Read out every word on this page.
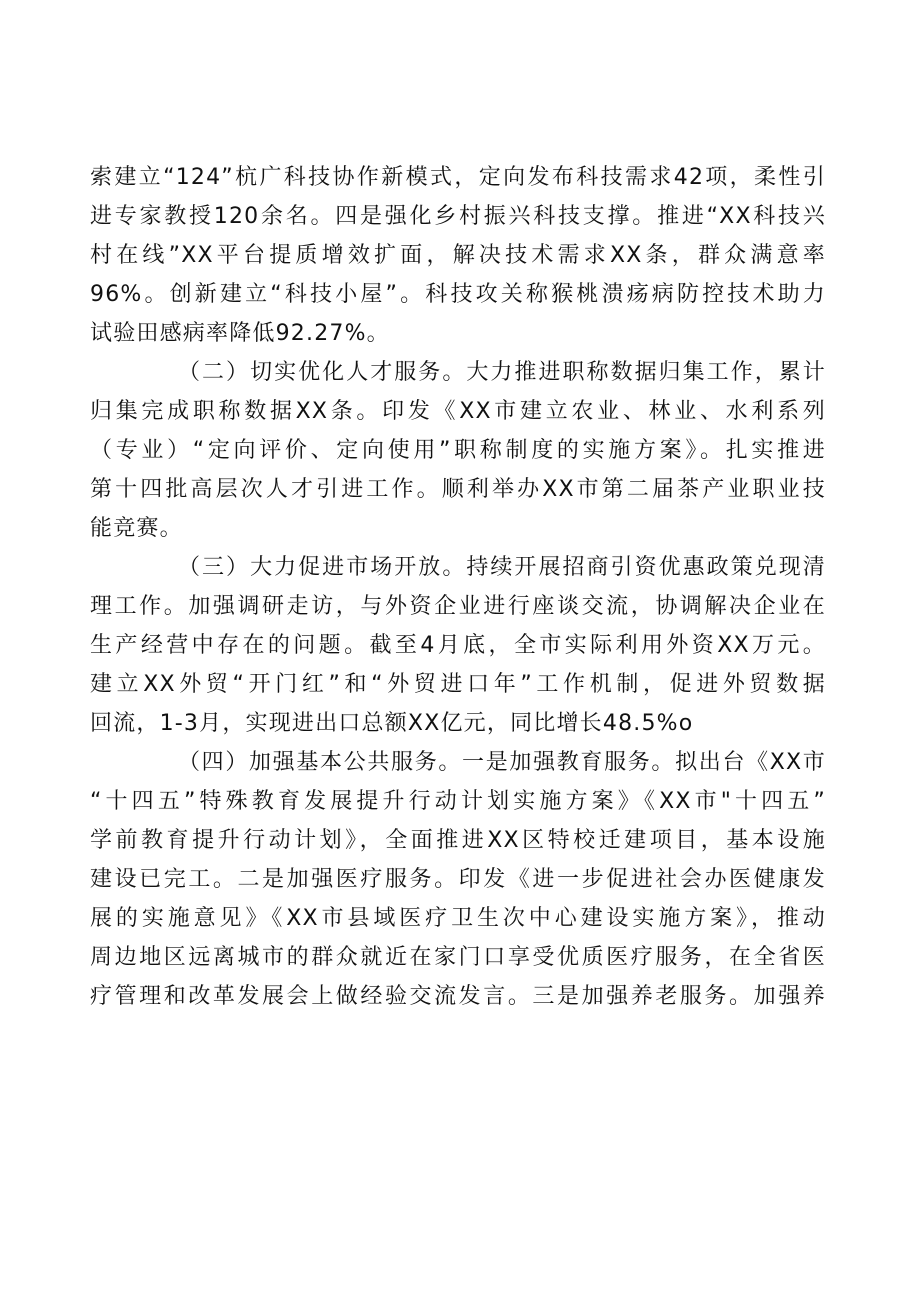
索建立“124”杭广科技协作新模式，定向发布科技需求42项，柔性引
进专家教授120余名。四是强化乡村振兴科技支撑。推进“XX科技兴
村在线”XX平台提质增效扩面，解决技术需求XX条，群众满意率
96%。创新建立“科技小屋”。科技攻关称猴桃溃疡病防控技术助力
试验田感病率降低92.27%。
（二）切实优化人才服务。大力推进职称数据归集工作，累计
归集完成职称数据XX条。印发《XX市建立农业、林业、水利系列
（专业）“定向评价、定向使用”职称制度的实施方案》。扎实推进
第十四批高层次人才引进工作。顺利举办XX市第二届茶产业职业技
能竞赛。
（三）大力促进市场开放。持续开展招商引资优惠政策兑现清
理工作。加强调研走访，与外资企业进行座谈交流，协调解决企业在
生产经营中存在的问题。截至4月底，全市实际利用外资XX万元。
建立XX外贸“开门红”和“外贸进口年”工作机制，促进外贸数据
回流，1-3月，实现进出口总额XX亿元，同比增长48.5%o
（四）加强基本公共服务。一是加强教育服务。拟出台《XX市
“十四五”特殊教育发展提升行动计划实施方案》《XX市"十四五”
学前教育提升行动计划》，全面推进XX区特校迁建项目，基本设施
建设已完工。二是加强医疗服务。印发《进一步促进社会办医健康发
展的实施意见》《XX市县域医疗卫生次中心建设实施方案》，推动
周边地区远离城市的群众就近在家门口享受优质医疗服务，在全省医
疗管理和改革发展会上做经验交流发言。三是加强养老服务。加强养
